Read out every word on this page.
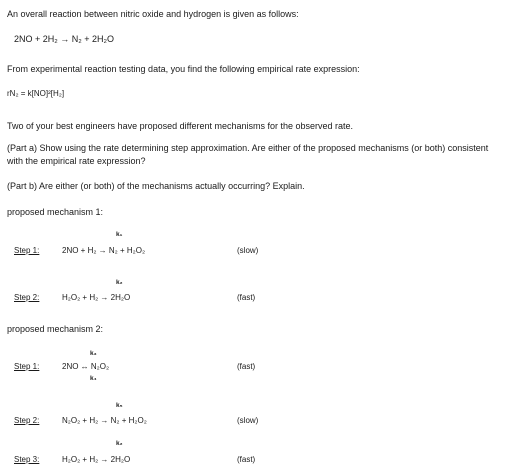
An overall reaction between nitric oxide and hydrogen is given as follows:
2NO + 2H₂ → N₂ + 2H₂O
From experimental reaction testing data, you find the following empirical rate expression:
rN₂ = k[NO]²[H₂]
Two of your best engineers have proposed different mechanisms for the observed rate.
(Part a) Show using the rate determining step approximation. Are either of the proposed mechanisms (or both) consistent with the empirical rate expression?
(Part b) Are either (or both) of the mechanisms actually occurring? Explain.
proposed mechanism 1:
k₁
Step 1:	2NO + H₂ → N₂ + H₂O₂	(slow)
k₂
Step 2:	H₂O₂ + H₂ → 2H₂O	(fast)
proposed mechanism 2:
k₃
Step 1:	2NO ↔ N₂O₂	(fast)
k₄
k₅
Step 2:	N₂O₂ + H₂ → N₂ + H₂O₂	(slow)
k₂
Step 3:	H₂O₂ + H₂ → 2H₂O	(fast)
